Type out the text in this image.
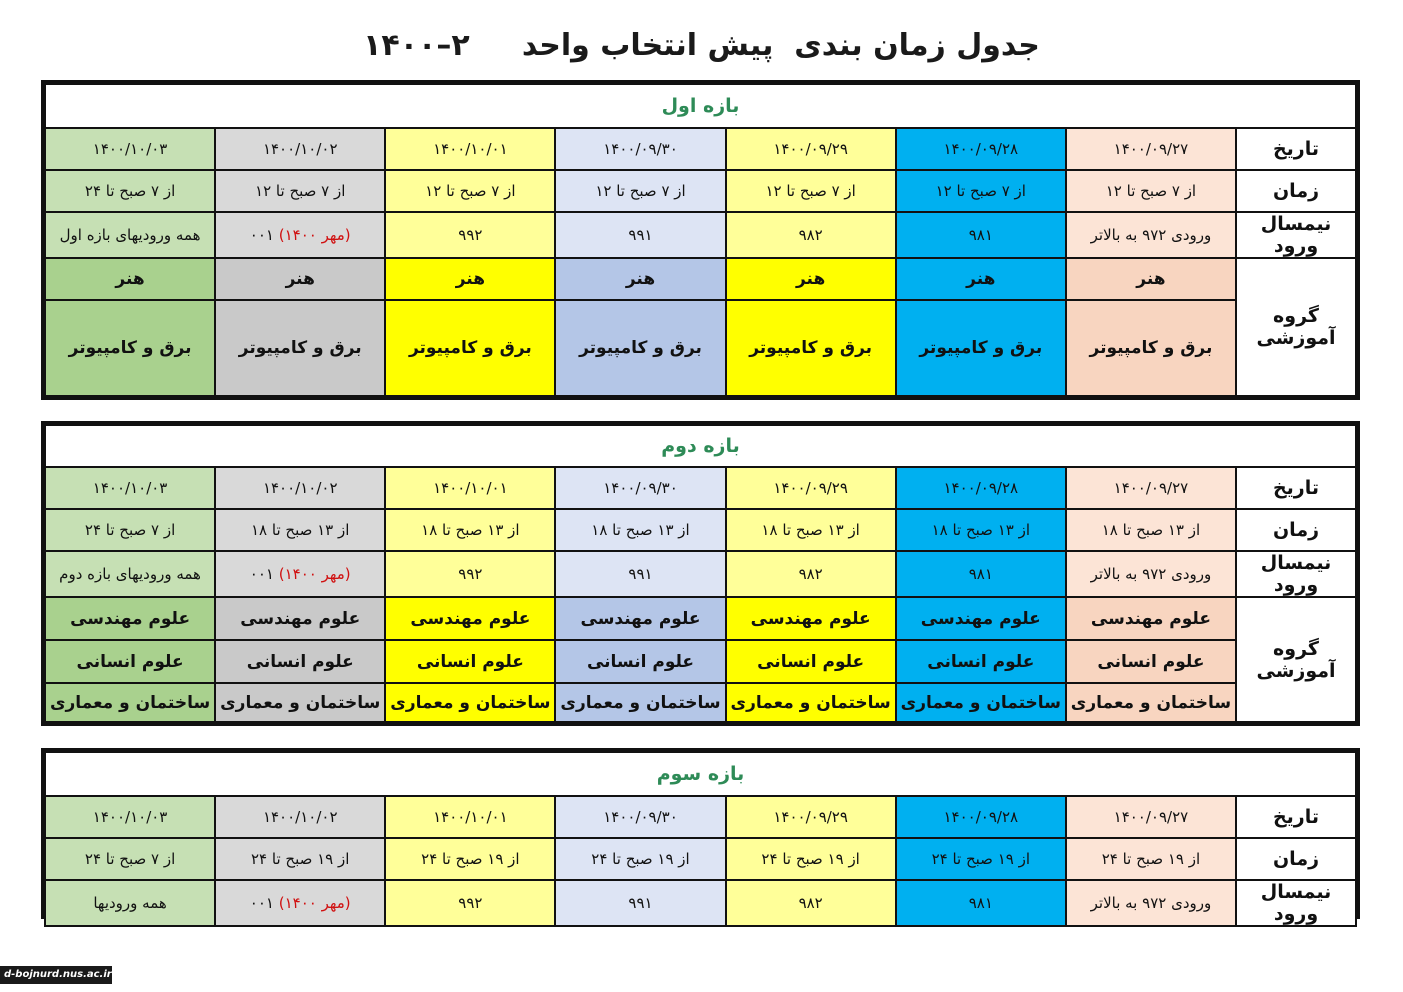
جدول زمان بندی  پیش انتخاب واحد     ۲–۱۴۰۰
بازه اول							
تاریخ	۱۴۰۰/۰۹/۲۷	۱۴۰۰/۰۹/۲۸	۱۴۰۰/۰۹/۲۹	۱۴۰۰/۰۹/۳۰	۱۴۰۰/۱۰/۰۱	۱۴۰۰/۱۰/۰۲	۱۴۰۰/۱۰/۰۳
زمان	از ۷ صبح تا ۱۲	از ۷ صبح تا ۱۲	از ۷ صبح تا ۱۲	از ۷ صبح تا ۱۲	از ۷ صبح تا ۱۲	از ۷ صبح تا ۱۲	از ۷ صبح تا ۲۴
نیمسال ورود	ورودی ۹۷۲ به بالاتر	۹۸۱	۹۸۲	۹۹۱	۹۹۲	(مهر ۱۴۰۰) ۰۰۱	همه ورودیهای بازه اول
گروه آموزشی	هنر	هنر	هنر	هنر	هنر	هنر	هنر
	برق و کامپیوتر	برق و کامپیوتر	برق و کامپیوتر	برق و کامپیوتر	برق و کامپیوتر	برق و کامپیوتر	برق و کامپیوتر
بازه دوم							
تاریخ	۱۴۰۰/۰۹/۲۷	۱۴۰۰/۰۹/۲۸	۱۴۰۰/۰۹/۲۹	۱۴۰۰/۰۹/۳۰	۱۴۰۰/۱۰/۰۱	۱۴۰۰/۱۰/۰۲	۱۴۰۰/۱۰/۰۳
زمان	از ۱۳ صبح تا ۱۸	از ۱۳ صبح تا ۱۸	از ۱۳ صبح تا ۱۸	از ۱۳ صبح تا ۱۸	از ۱۳ صبح تا ۱۸	از ۱۳ صبح تا ۱۸	از ۷ صبح تا ۲۴
نیمسال ورود	ورودی ۹۷۲ به بالاتر	۹۸۱	۹۸۲	۹۹۱	۹۹۲	(مهر ۱۴۰۰) ۰۰۱	همه ورودیهای بازه دوم
گروه آموزشی	علوم مهندسی	علوم مهندسی	علوم مهندسی	علوم مهندسی	علوم مهندسی	علوم مهندسی	علوم مهندسی
	علوم انسانی	علوم انسانی	علوم انسانی	علوم انسانی	علوم انسانی	علوم انسانی	علوم انسانی
	ساختمان و معماری	ساختمان و معماری	ساختمان و معماری	ساختمان و معماری	ساختمان و معماری	ساختمان و معماری	ساختمان و معماری
بازه سوم							
تاریخ	۱۴۰۰/۰۹/۲۷	۱۴۰۰/۰۹/۲۸	۱۴۰۰/۰۹/۲۹	۱۴۰۰/۰۹/۳۰	۱۴۰۰/۱۰/۰۱	۱۴۰۰/۱۰/۰۲	۱۴۰۰/۱۰/۰۳
زمان	از ۱۹ صبح تا ۲۴	از ۱۹ صبح تا ۲۴	از ۱۹ صبح تا ۲۴	از ۱۹ صبح تا ۲۴	از ۱۹ صبح تا ۲۴	از ۱۹ صبح تا ۲۴	از ۷ صبح تا ۲۴
نیمسال ورود	ورودی ۹۷۲ به بالاتر	۹۸۱	۹۸۲	۹۹۱	۹۹۲	(مهر ۱۴۰۰) ۰۰۱	همه ورودیها
d-bojnurd.nus.ac.ir
